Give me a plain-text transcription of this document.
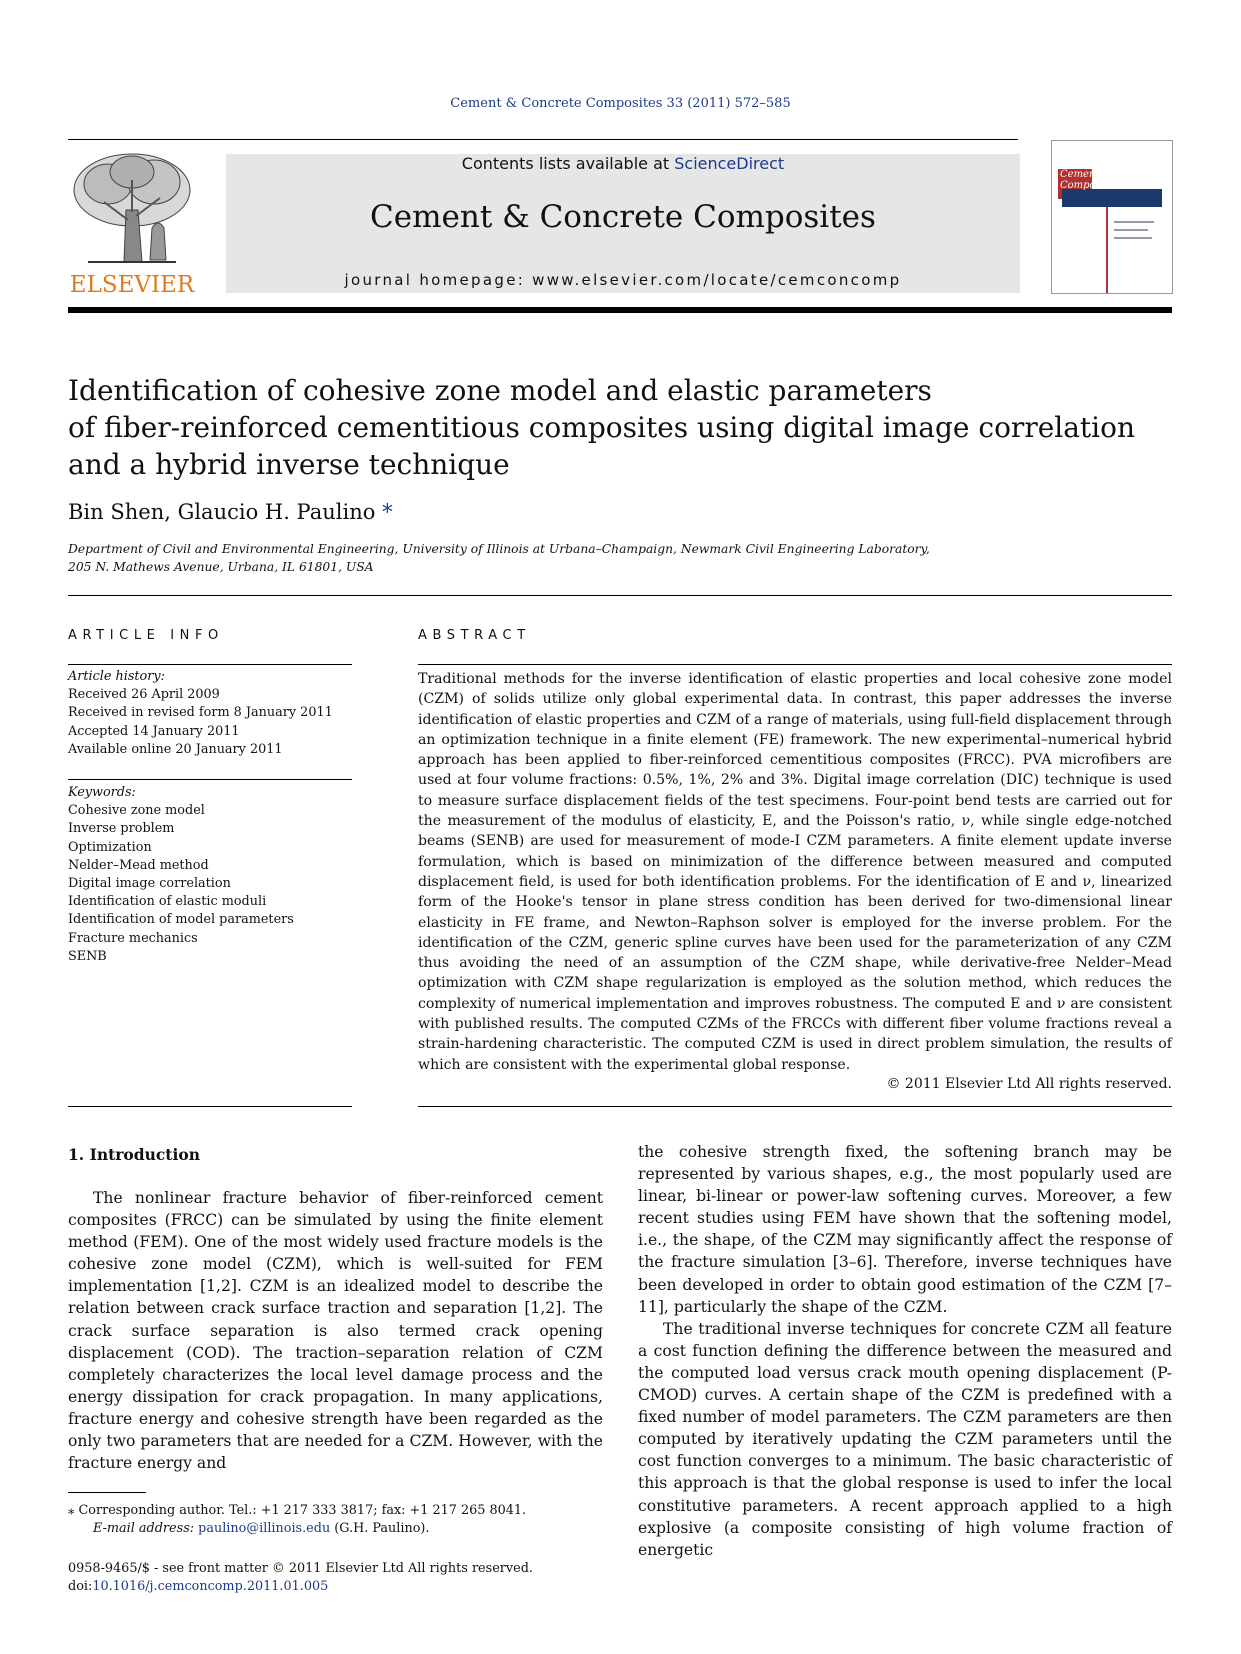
Cement & Concrete Composites 33 (2011) 572–585
ELSEVIER
Contents lists available at ScienceDirect
Cement & Concrete Composites
journal homepage: www.elsevier.com/locate/cemconcomp
Cement & Concrete Composites
Identification of cohesive zone model and elastic parameters
of fiber-reinforced cementitious composites using digital image correlation
and a hybrid inverse technique
Bin Shen, Glaucio H. Paulino *
Department of Civil and Environmental Engineering, University of Illinois at Urbana–Champaign, Newmark Civil Engineering Laboratory,
205 N. Mathews Avenue, Urbana, IL 61801, USA
ARTICLE INFO	ABSTRACT
Article history:
Received 26 April 2009
Received in revised form 8 January 2011
Accepted 14 January 2011
Available online 20 January 2011
Keywords:
Cohesive zone model
Inverse problem
Optimization
Nelder–Mead method
Digital image correlation
Identification of elastic moduli
Identification of model parameters
Fracture mechanics
SENB

Traditional methods for the inverse identification of elastic properties and local cohesive zone model (CZM) of solids utilize only global experimental data. In contrast, this paper addresses the inverse identification of elastic properties and CZM of a range of materials, using full-field displacement through an optimization technique in a finite element (FE) framework. The new experimental–numerical hybrid approach has been applied to fiber-reinforced cementitious composites (FRCC). PVA microfibers are used at four volume fractions: 0.5%, 1%, 2% and 3%. Digital image correlation (DIC) technique is used to measure surface displacement fields of the test specimens. Four-point bend tests are carried out for the measurement of the modulus of elasticity, E, and the Poisson's ratio, ν, while single edge-notched beams (SENB) are used for measurement of mode-I CZM parameters. A finite element update inverse formulation, which is based on minimization of the difference between measured and computed displacement field, is used for both identification problems. For the identification of E and ν, linearized form of the Hooke's tensor in plane stress condition has been derived for two-dimensional linear elasticity in FE frame, and Newton–Raphson solver is employed for the inverse problem. For the identification of the CZM, generic spline curves have been used for the parameterization of any CZM thus avoiding the need of an assumption of the CZM shape, while derivative-free Nelder–Mead optimization with CZM shape regularization is employed as the solution method, which reduces the complexity of numerical implementation and improves robustness. The computed E and ν are consistent with published results. The computed CZMs of the FRCCs with different fiber volume fractions reveal a strain-hardening characteristic. The computed CZM is used in direct problem simulation, the results of which are consistent with the experimental global response.

© 2011 Elsevier Ltd All rights reserved.
1. Introduction

The nonlinear fracture behavior of fiber-reinforced cement composites (FRCC) can be simulated by using the finite element method (FEM). One of the most widely used fracture models is the cohesive zone model (CZM), which is well-suited for FEM implementation [1,2]. CZM is an idealized model to describe the relation between crack surface traction and separation [1,2]. The crack surface separation is also termed crack opening displacement (COD). The traction–separation relation of CZM completely characterizes the local level damage process and the energy dissipation for crack propagation. In many applications, fracture energy and cohesive strength have been regarded as the only two parameters that are needed for a CZM. However, with the fracture energy and

the cohesive strength fixed, the softening branch may be represented by various shapes, e.g., the most popularly used are linear, bi-linear or power-law softening curves. Moreover, a few recent studies using FEM have shown that the softening model, i.e., the shape, of the CZM may significantly affect the response of the fracture simulation [3–6]. Therefore, inverse techniques have been developed in order to obtain good estimation of the CZM [7–11], particularly the shape of the CZM.

The traditional inverse techniques for concrete CZM all feature a cost function defining the difference between the measured and the computed load versus crack mouth opening displacement (P-CMOD) curves. A certain shape of the CZM is predefined with a fixed number of model parameters. The CZM parameters are then computed by iteratively updating the CZM parameters until the cost function converges to a minimum. The basic characteristic of this approach is that the global response is used to infer the local constitutive parameters. A recent approach applied to a high explosive (a composite consisting of high volume fraction of energetic

⁎ Corresponding author. Tel.: +1 217 333 3817; fax: +1 217 265 8041.
E-mail address: paulino@illinois.edu (G.H. Paulino).
0958-9465/$ - see front matter © 2011 Elsevier Ltd All rights reserved.
doi:10.1016/j.cemconcomp.2011.01.005
